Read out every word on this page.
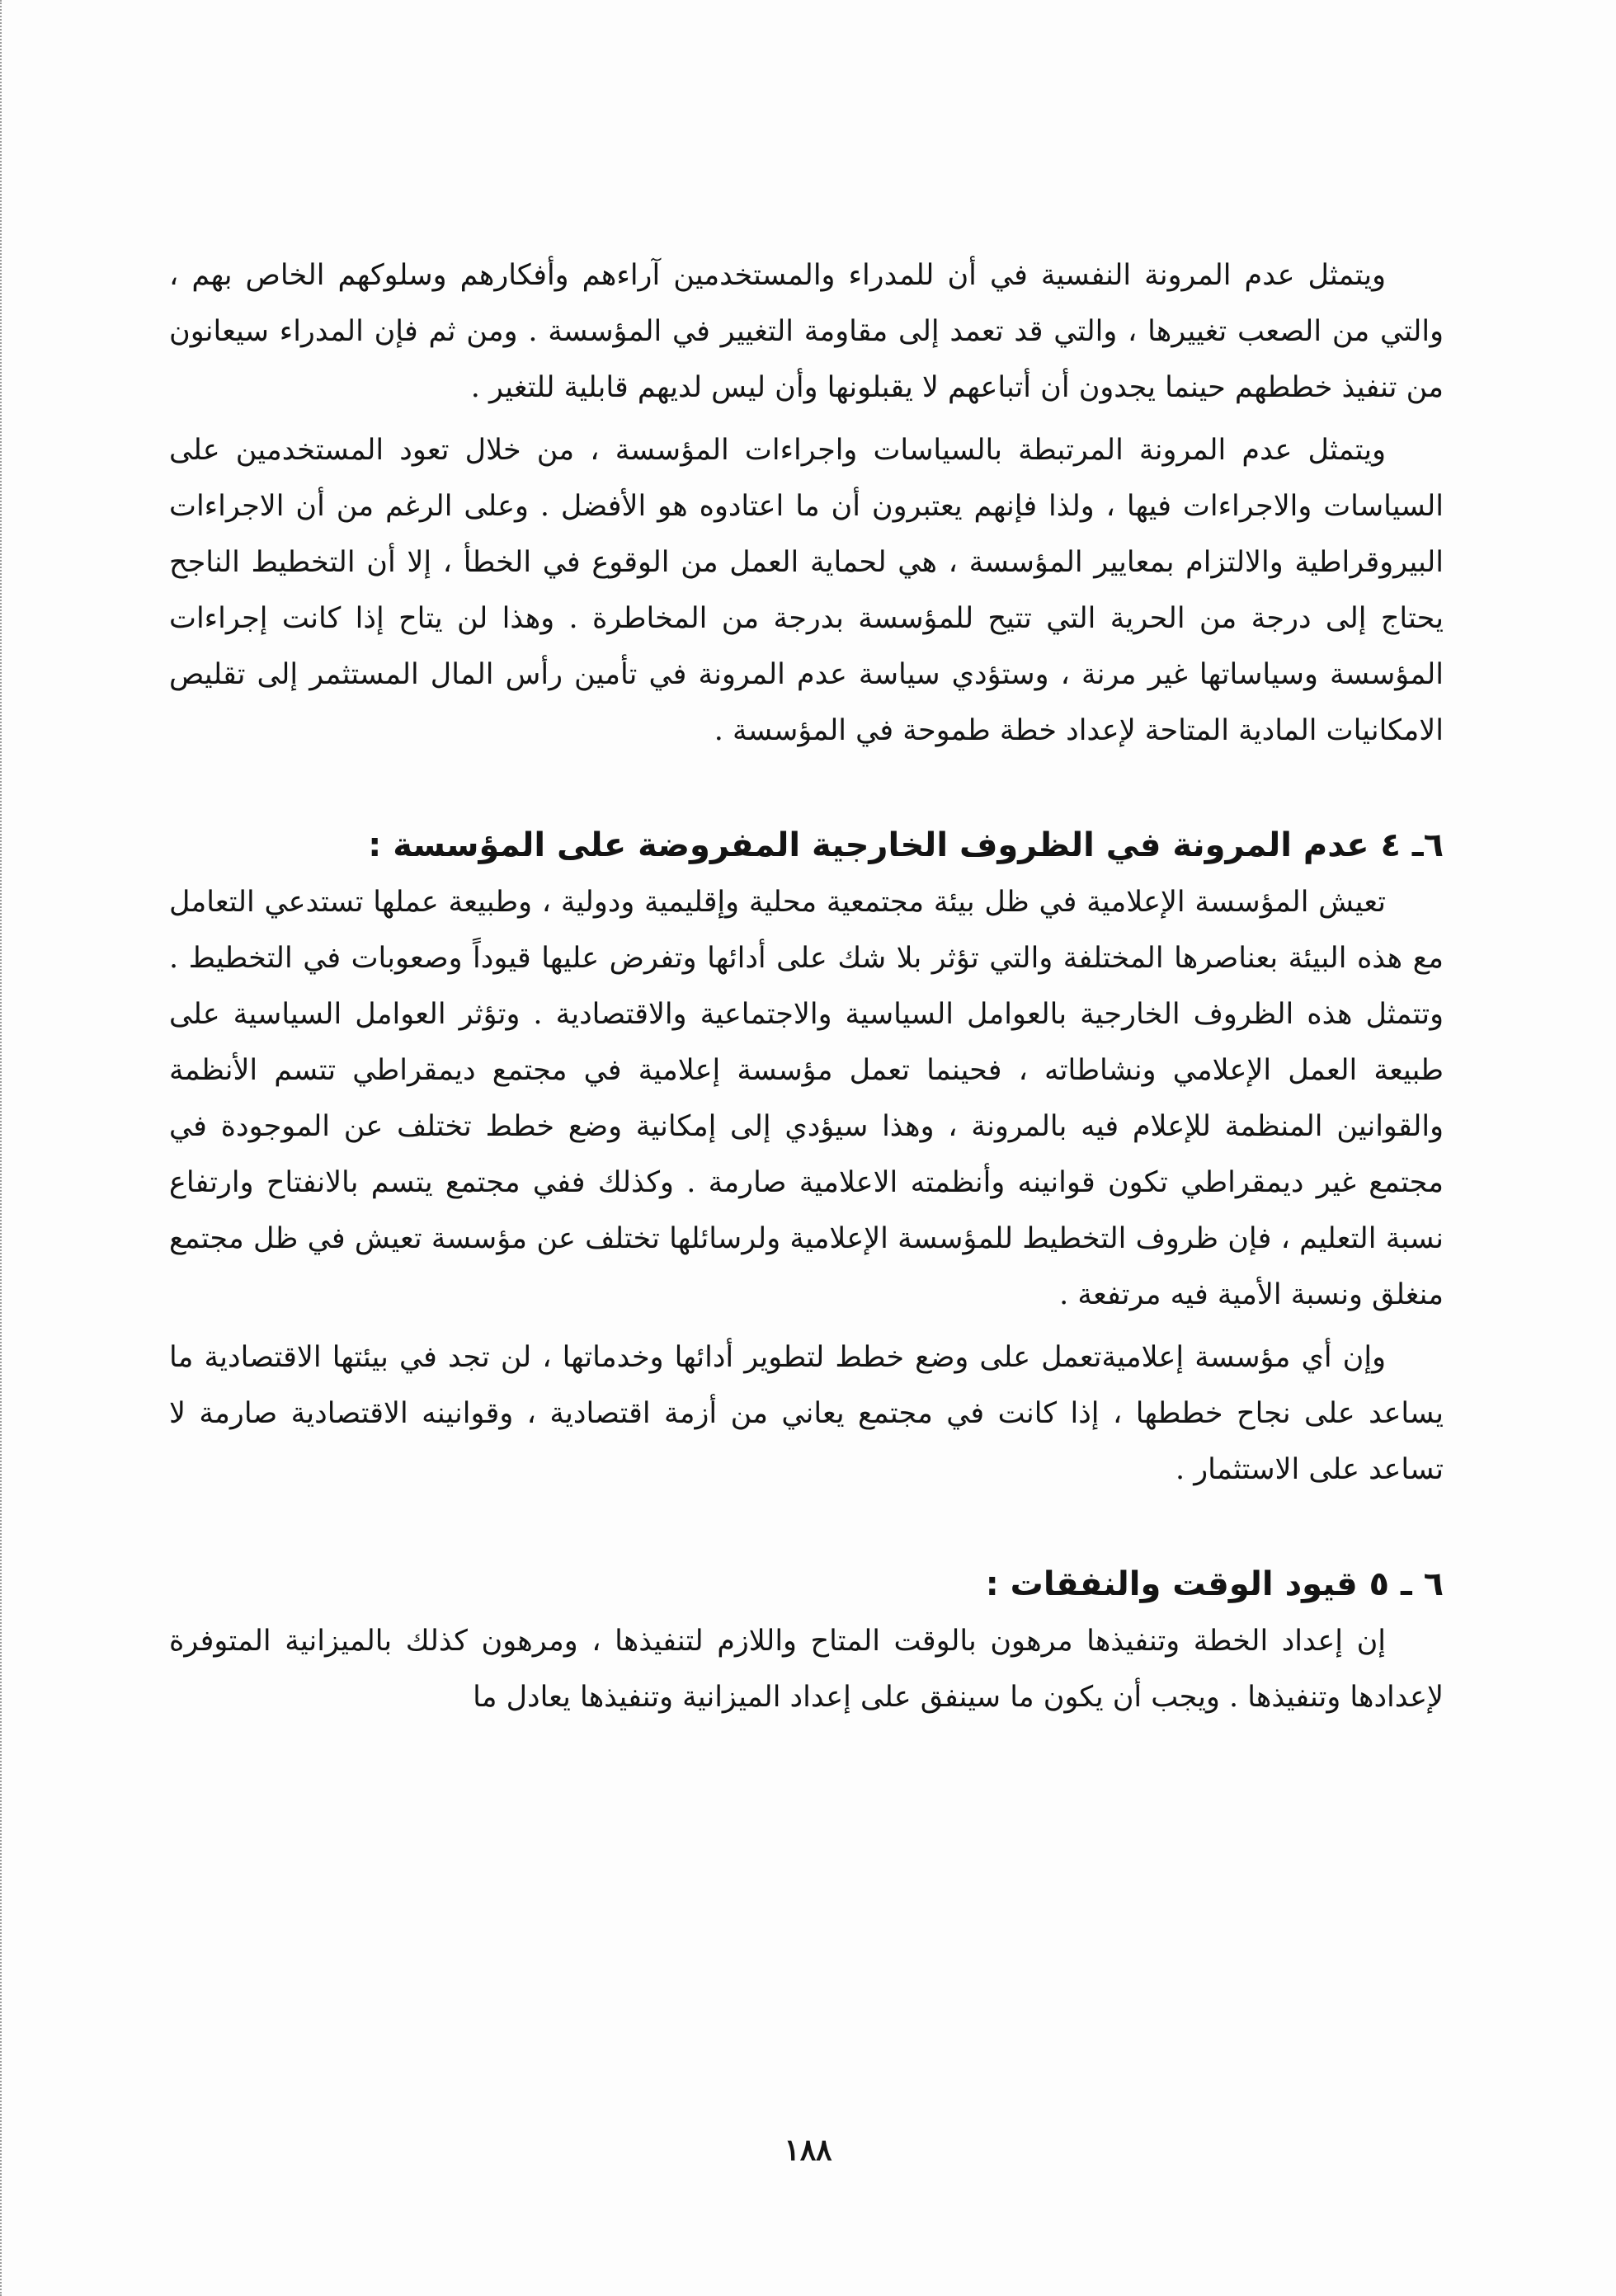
ويتمثل عدم المرونة النفسية في أن للمدراء والمستخدمين آراءهم وأفكارهم وسلوكهم الخاص بهم ، والتي من الصعب تغييرها ، والتي قد تعمد إلى مقاومة التغيير في المؤسسة . ومن ثم فإن المدراء سيعانون من تنفيذ خططهم حينما يجدون أن أتباعهم لا يقبلونها وأن ليس لديهم قابلية للتغير .

ويتمثل عدم المرونة المرتبطة بالسياسات واجراءات المؤسسة ، من خلال تعود المستخدمين على السياسات والاجراءات فيها ، ولذا فإنهم يعتبرون أن ما اعتادوه هو الأفضل . وعلى الرغم من أن الاجراءات البيروقراطية والالتزام بمعايير المؤسسة ، هي لحماية العمل من الوقوع في الخطأ ، إلا أن التخطيط الناجح يحتاج إلى درجة من الحرية التي تتيح للمؤسسة بدرجة من المخاطرة . وهذا لن يتاح إذا كانت إجراءات المؤسسة وسياساتها غير مرنة ، وستؤدي سياسة عدم المرونة في تأمين رأس المال المستثمر إلى تقليص الامكانيات المادية المتاحة لإعداد خطة طموحة في المؤسسة .

٦ـ ٤ عدم المرونة في الظروف الخارجية المفروضة على المؤسسة :

تعيش المؤسسة الإعلامية في ظل بيئة مجتمعية محلية وإقليمية ودولية ، وطبيعة عملها تستدعي التعامل مع هذه البيئة بعناصرها المختلفة والتي تؤثر بلا شك على أدائها وتفرض عليها قيوداً وصعوبات في التخطيط . وتتمثل هذه الظروف الخارجية بالعوامل السياسية والاجتماعية والاقتصادية . وتؤثر العوامل السياسية على طبيعة العمل الإعلامي ونشاطاته ، فحينما تعمل مؤسسة إعلامية في مجتمع ديمقراطي تتسم الأنظمة والقوانين المنظمة للإعلام فيه بالمرونة ، وهذا سيؤدي إلى إمكانية وضع خطط تختلف عن الموجودة في مجتمع غير ديمقراطي تكون قوانينه وأنظمته الاعلامية صارمة . وكذلك ففي مجتمع يتسم بالانفتاح وارتفاع نسبة التعليم ، فإن ظروف التخطيط للمؤسسة الإعلامية ولرسائلها تختلف عن مؤسسة تعيش في ظل مجتمع منغلق ونسبة الأمية فيه مرتفعة .

وإن أي مؤسسة إعلاميةتعمل على وضع خطط لتطوير أدائها وخدماتها ، لن تجد في بيئتها الاقتصادية ما يساعد على نجاح خططها ، إذا كانت في مجتمع يعاني من أزمة اقتصادية ، وقوانينه الاقتصادية صارمة لا تساعد على الاستثمار .

٦ ـ ٥ قيود الوقت والنفقات :

إن إعداد الخطة وتنفيذها مرهون بالوقت المتاح واللازم لتنفيذها ، ومرهون كذلك بالميزانية المتوفرة لإعدادها وتنفيذها . ويجب أن يكون ما سينفق على إعداد الميزانية وتنفيذها يعادل ما

١٨٨
